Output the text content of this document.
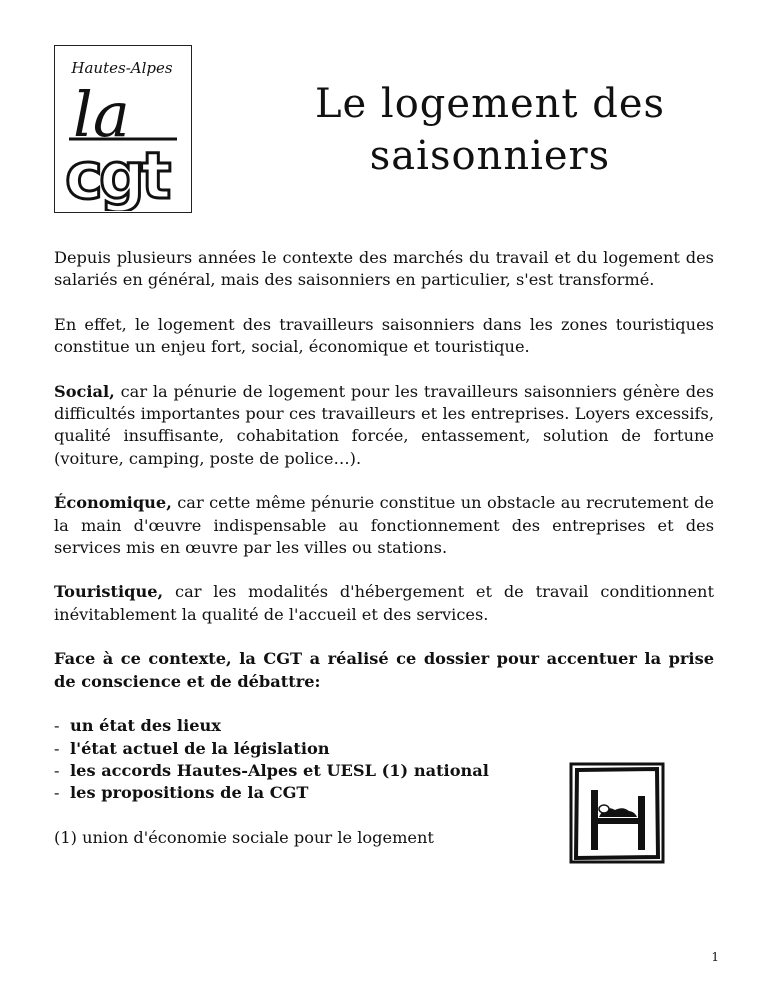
Hautes-Alpes
la
cgt
Le logement des
saisonniers

Depuis plusieurs années le contexte des marchés du travail et du logement des salariés en général, mais des saisonniers en particulier, s'est transformé.

En effet, le logement des travailleurs saisonniers dans les zones touristiques constitue un enjeu fort, social, économique et touristique.

Social, car la pénurie de logement pour les travailleurs saisonniers génère des difficultés importantes pour ces travailleurs et les entreprises. Loyers excessifs, qualité insuffisante, cohabitation forcée, entassement, solution de fortune (voiture, camping, poste de police…).

Économique, car cette même pénurie constitue un obstacle au recrutement de la main d'œuvre indispensable au fonctionnement des entreprises et des services mis en œuvre par les villes ou stations.

Touristique, car les modalités d'hébergement et de travail conditionnent inévitablement la qualité de l'accueil et des services.

Face à ce contexte, la CGT a réalisé ce dossier pour accentuer la prise de conscience et de débattre:

- un état des lieux
- l'état actuel de la législation
- les accords Hautes-Alpes et UESL (1) national
- les propositions de la CGT

(1) union d'économie sociale pour le logement

1
